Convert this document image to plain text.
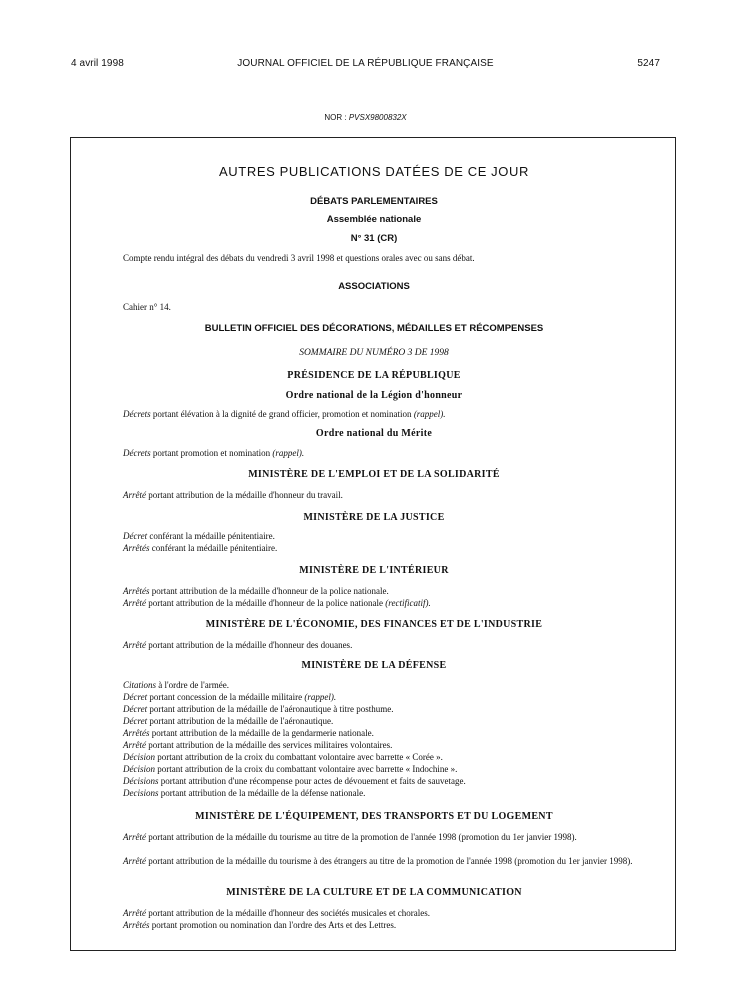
4 avril 1998	JOURNAL OFFICIEL DE LA RÉPUBLIQUE FRANÇAISE	5247
NOR : PVSX9800832X
AUTRES PUBLICATIONS DATÉES DE CE JOUR
DÉBATS PARLEMENTAIRES
Assemblée nationale
N° 31 (CR)
Compte rendu intégral des débats du vendredi 3 avril 1998 et questions orales avec ou sans débat.
ASSOCIATIONS
Cahier n° 14.
BULLETIN OFFICIEL DES DÉCORATIONS, MÉDAILLES ET RÉCOMPENSES
SOMMAIRE DU NUMÉRO 3 DE 1998
PRÉSIDENCE DE LA RÉPUBLIQUE
Ordre national de la Légion d'honneur
Décrets portant élévation à la dignité de grand officier, promotion et nomination (rappel).
Ordre national du Mérite
Décrets portant promotion et nomination (rappel).
MINISTÈRE DE L'EMPLOI ET DE LA SOLIDARITÉ
Arrêté portant attribution de la médaille d'honneur du travail.
MINISTÈRE DE LA JUSTICE
Décret conférant la médaille pénitentiaire.
Arrêtés conférant la médaille pénitentiaire.
MINISTÈRE DE L'INTÉRIEUR
Arrêtés portant attribution de la médaille d'honneur de la police nationale.
Arrêté portant attribution de la médaille d'honneur de la police nationale (rectificatif).
MINISTÈRE DE L'ÉCONOMIE, DES FINANCES ET DE L'INDUSTRIE
Arrêté portant attribution de la médaille d'honneur des douanes.
MINISTÈRE DE LA DÉFENSE
Citations à l'ordre de l'armée.
Décret portant concession de la médaille militaire (rappel).
Décret portant attribution de la médaille de l'aéronautique à titre posthume.
Décret portant attribution de la médaille de l'aéronautique.
Arrêtés portant attribution de la médaille de la gendarmerie nationale.
Arrêté portant attribution de la médaille des services militaires volontaires.
Décision portant attribution de la croix du combattant volontaire avec barrette « Corée ».
Décision portant attribution de la croix du combattant volontaire avec barrette « Indochine ».
Décisions portant attribution d'une récompense pour actes de dévouement et faits de sauvetage.
Decisions portant attribution de la médaille de la défense nationale.
MINISTÈRE DE L'ÉQUIPEMENT, DES TRANSPORTS ET DU LOGEMENT
Arrêté portant attribution de la médaille du tourisme au titre de la promotion de l'année 1998 (promotion du 1er janvier 1998).
Arrêté portant attribution de la médaille du tourisme à des étrangers au titre de la promotion de l'année 1998 (promotion du 1er janvier 1998).
MINISTÈRE DE LA CULTURE ET DE LA COMMUNICATION
Arrêté portant attribution de la médaille d'honneur des sociétés musicales et chorales.
Arrêtés portant promotion ou nomination dan l'ordre des Arts et des Lettres.
